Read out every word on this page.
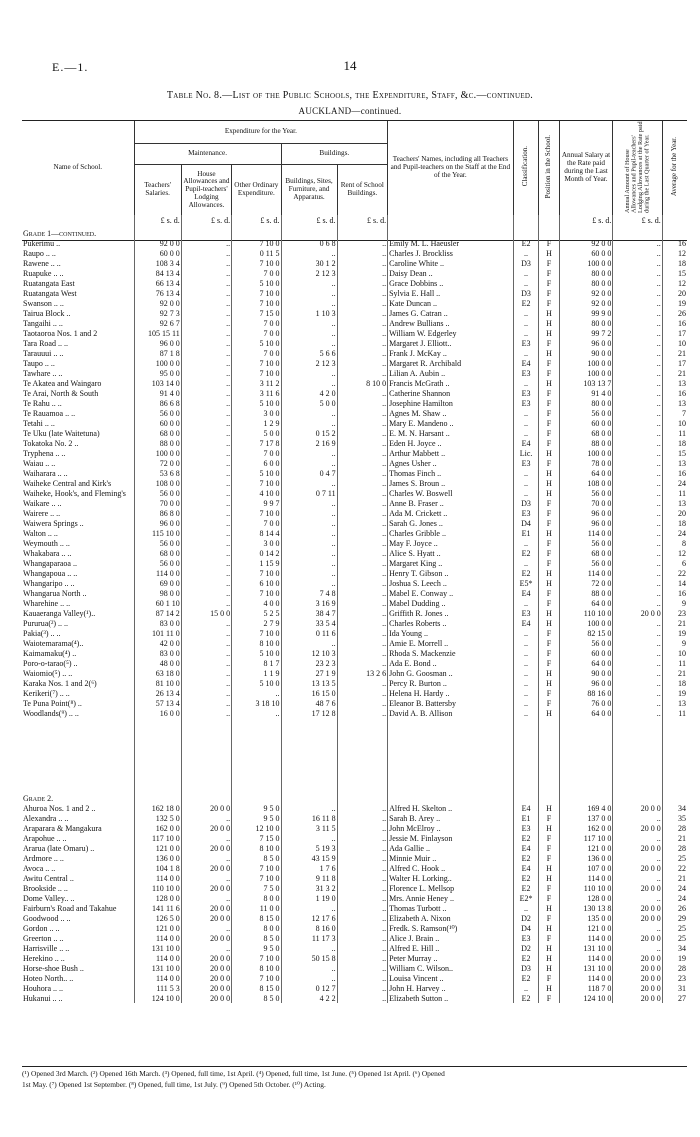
E.—1.	14
Table No. 8.—List of the Public Schools, the Expenditure, Staff, &c.—continued.
AUCKLAND—continued.
Name of School.	Expenditure for the Year.					Teachers' Names, including all Teachers and Pupil-teachers on the Staff at the End of the Year.	Classification.	Position in the School.	Annual Salary at the Rate paid during the Last Month of Year.	Annual Amount of House Allowances and Pupil-teachers' Lodging Allowances at the Rate paid during the Last Quarter of Year.	Average for the Year.
	Maintenance.			Buildings.							
	Teachers' Salaries.	House Allowances and Pupil-teachers' Lodging Allowances.	Other Ordinary Expenditure.	Buildings, Sites, Furniture, and Apparatus.	Rent of School Buildings.						
	£ s. d.	£ s. d.	£ s. d.	£ s. d.	£ s. d.				£ s. d.	£ s. d.	
Grade 1—continued.											
Pukerimu ..	92 0 0	..	7 10 0	0 6 8	..	Emily M. L. Haeusler	E2	F	92 0 0	..	16
Raupo .. ..	60 0 0	..	0 11 5	..	..	Charles J. Brockliss	..	H	60 0 0	..	12
Rawene .. ..	108 3 4	..	7 10 0	30 1 2	..	Caroline White ..	D3	F	100 0 0	..	18
Ruapuke .. ..	84 13 4	..	7 0 0	2 12 3	..	Daisy Dean ..	..	F	80 0 0	..	15
Ruatangata East	66 13 4	..	5 10 0	..	..	Grace Dobbins ..	..	F	80 0 0	..	12
Ruatangata West	76 13 4	..	7 10 0	..	..	Sylvia E. Hall ..	D3	F	92 0 0	..	20
Swanson .. ..	92 0 0	..	7 10 0	..	..	Kate Duncan ..	E2	F	92 0 0	..	19
Tairua Block ..	92 7 3	..	7 15 0	1 10 3	..	James G. Catran ..	..	H	99 9 0	..	26
Tangaihi .. ..	92 6 7	..	7 0 0	..	..	Andrew Bullians ..	..	H	80 0 0	..	16
Taotaoroa Nos. 1 and 2	105 15 11	..	7 0 0	..	..	William W. Edgerley	..	H	99 7 2	..	17
Tara Road .. ..	96 0 0	..	5 10 0	..	..	Margaret J. Elliott..	E3	F	96 0 0	..	10
Tarauuui .. ..	87 1 8	..	7 0 0	5 6 6	..	Frank J. McKay ..	..	H	90 0 0	..	21
Taupo .. ..	100 0 0	..	7 10 0	2 12 3	..	Margaret R. Archibald	E4	F	100 0 0	..	17
Tawhare .. ..	95 0 0	..	7 10 0	..	..	Lilian A. Aubin ..	E3	F	100 0 0	..	21
Te Akatea and Waingaro	103 14 0	..	3 11 2	..	8 10 0	Francis McGrath ..	..	H	103 13 7	..	13
Te Arai, North & South	91 4 0	..	3 11 6	4 2 0	..	Catherine Shannon	E3	F	91 4 0	..	16
Te Rahu .. ..	86 6 8	..	5 10 0	5 0 0	..	Josephine Hamilton	E3	F	80 0 0	..	13
Te Rauamoa .. ..	56 0 0	..	3 0 0	..	..	Agnes M. Shaw ..	..	F	56 0 0	..	7
Tetahi .. ..	60 0 0	..	1 2 9	..	..	Mary E. Mandeno ..	..	F	60 0 0	..	10
Te Uku (late Waitetuna)	68 0 0	..	5 0 0	0 15 2	..	E. M. N. Harsant ..	..	F	68 0 0	..	11
Tokatoka No. 2 ..	88 0 0	..	7 17 8	2 16 9	..	Eden H. Joyce ..	E4	F	88 0 0	..	18
Tryphena .. ..	100 0 0	..	7 0 0	..	..	Arthur Mabbett ..	Lic.	H	100 0 0	..	15
Waiau .. ..	72 0 0	..	6 0 0	..	..	Agnes Usher ..	E3	F	78 0 0	..	13
Waiharara .. ..	53 6 8	..	5 10 0	0 4 7	..	Thomas Finch ..	..	H	64 0 0	..	16
Waiheke Central and Kirk's	108 0 0	..	7 10 0	..	..	James S. Broun ..	..	H	108 0 0	..	24
Waiheke, Hook's, and Fleming's	56 0 0	..	4 10 0	0 7 11	..	Charles W. Boswell	..	H	56 0 0	..	11
Waikare .. ..	70 0 0	..	9 9 7	..	..	Anne B. Fraser ..	D3	F	70 0 0	..	13
Wairere .. ..	86 8 0	..	7 10 0	..	..	Ada M. Crickett ..	E3	F	96 0 0	..	20
Waiwera Springs ..	96 0 0	..	7 0 0	..	..	Sarah G. Jones ..	D4	F	96 0 0	..	18
Walton .. ..	115 10 0	..	8 14 4	..	..	Charles Gribble ..	E1	H	114 0 0	..	24
Weymouth .. ..	56 0 0	..	3 0 0	..	..	May F. Joyce ..	..	F	56 0 0	..	8
Whakabara .. ..	68 0 0	..	0 14 2	..	..	Alice S. Hyatt ..	E2	F	68 0 0	..	12
Whangaparaoa ..	56 0 0	..	1 15 9	..	..	Margaret King ..	..	F	56 0 0	..	6
Whangapoua .. ..	114 0 0	..	7 10 0	..	..	Henry T. Gibson ..	E2	H	114 0 0	..	22
Whangaripo .. ..	69 0 0	..	6 10 0	..	..	Joshua S. Leech ..	E5*	H	72 0 0	..	14
Whangarua North ..	98 0 0	..	7 10 0	7 4 8	..	Mabel E. Conway ..	E4	F	88 0 0	..	16
Wharehine .. ..	60 1 10	..	4 0 0	3 16 9	..	Mabel Dudding ..	..	F	64 0 0	..	9
Kauaeranga Valley(¹)..	87 14 2	15 0 0	5 2 5	38 4 7	..	Griffith R. Jones ..	E3	H	110 10 0	20 0 0	23
Pururua(²) .. ..	83 0 0	..	2 7 9	33 5 4	..	Charles Roberts ..	E4	H	100 0 0	..	21
Pakia(³) .. ..	101 11 0	..	7 10 0	0 11 6	..	Ida Young ..	..	F	82 15 0	..	19
Waiotemarama(⁴)..	42 0 0	..	8 10 0	..	..	Amie E. Morrell ..	..	F	56 0 0	..	9
Kaimamaku(⁴) ..	83 0 0	..	5 10 0	12 10 3	..	Rhoda S. Mackenzie	..	F	60 0 0	..	10
Poro-o-tarao(⁵) ..	48 0 0	..	8 1 7	23 2 3	..	Ada E. Bond ..	..	F	64 0 0	..	11
Waiomio(⁵) .. ..	63 18 0	..	1 1 9	27 1 9	13 2 6	John G. Goosman ..	..	H	90 0 0	..	21
Karaka Nos. 1 and 2(⁶)	81 10 0	..	5 10 0	13 13 5	..	Percy R. Burton ..	..	H	96 0 0	..	18
Kerikeri(⁷) .. ..	26 13 4	..	..	16 15 0	..	Helena H. Hardy ..	..	F	88 16 0	..	19
Te Puna Point(⁸) ..	57 13 4	..	3 18 10	48 7 6	..	Eleanor B. Battersby	..	F	76 0 0	..	13
Woodlands(⁹) .. ..	16 0 0	..	..	17 12 8	..	David A. B. Allison	..	H	64 0 0	..	11

Grade 2.											
Ahuroa Nos. 1 and 2 ..	162 18 0	20 0 0	9 5 0	..	..	Alfred H. Skelton ..	E4	H	169 4 0	20 0 0	34
Alexandra .. ..	132 5 0	..	9 5 0	16 11 8	..	Sarah B. Arey ..	E1	F	137 0 0	..	35
Araparara & Mangakura	162 0 0	20 0 0	12 10 0	3 11 5	..	John McElroy ..	E3	H	162 0 0	20 0 0	28
Arapohue .. ..	117 10 0	..	7 15 0	..	..	Jessie M. Finlayson	E2	F	117 10 0	..	21
Ararua (late Omaru) ..	121 0 0	20 0 0	8 10 0	5 19 3	..	Ada Gallie ..	E4	F	121 0 0	20 0 0	28
Ardmore .. ..	136 0 0	..	8 5 0	43 15 9	..	Minnie Muir ..	E2	F	136 0 0	..	25
Avoca .. ..	104 1 8	20 0 0	7 10 0	1 7 6	..	Alfred C. Hook ..	E4	H	107 0 0	20 0 0	22
Awitu Central ..	114 0 0	..	7 10 0	9 11 8	..	Walter H. Lorking..	E2	H	114 0 0	..	21
Brookside .. ..	110 10 0	20 0 0	7 5 0	31 3 2	..	Florence L. Mellsop	E2	F	110 10 0	20 0 0	24
Dome Valley.. ..	128 0 0	..	8 0 0	1 19 0	..	Mrs. Annie Heney ..	E2*	F	128 0 0	..	24
Fairburn's Road and Takahue	141 11 6	20 0 0	11 0 0	..	..	Thomas Turbott ..	..	H	130 13 8	20 0 0	26
Goodwood .. ..	126 5 0	20 0 0	8 15 0	12 17 6	..	Elizabeth A. Nixon	D2	F	135 0 0	20 0 0	29
Gordon .. ..	121 0 0	..	8 0 0	8 16 0	..	Fredk. S. Ramson(¹⁰)	D4	H	121 0 0	..	25
Greerton .. ..	114 0 0	20 0 0	8 5 0	11 17 3	..	Alice J. Brain ..	E3	F	114 0 0	20 0 0	25
Harrisville .. ..	131 10 0	..	9 5 0	..	..	Alfred E. Hill ..	D2	H	131 10 0	..	34
Herekino .. ..	114 0 0	20 0 0	7 10 0	50 15 8	..	Peter Murray ..	E2	H	114 0 0	20 0 0	19
Horse-shoe Bush ..	131 10 0	20 0 0	8 10 0	..	..	William C. Wilson..	D3	H	131 10 0	20 0 0	28
Hoteo North.. ..	114 0 0	20 0 0	7 10 0	..	..	Louisa Vincent ..	E2	F	114 0 0	20 0 0	23
Houhora .. ..	111 5 3	20 0 0	8 15 0	0 12 7	..	John H. Harvey ..	..	H	118 7 0	20 0 0	31
Hukanui .. ..	124 10 0	20 0 0	8 5 0	4 2 2	..	Elizabeth Sutton ..	E2	F	124 10 0	20 0 0	27
(¹) Opened 3rd March. (²) Opened 16th March. (³) Opened, full time, 1st April. (⁴) Opened, full time, 1st June. (⁵) Opened 1st April. (⁶) Opened
1st May. (⁷) Opened 1st September. (⁸) Opened, full time, 1st July. (⁹) Opened 5th October. (¹⁰) Acting.
